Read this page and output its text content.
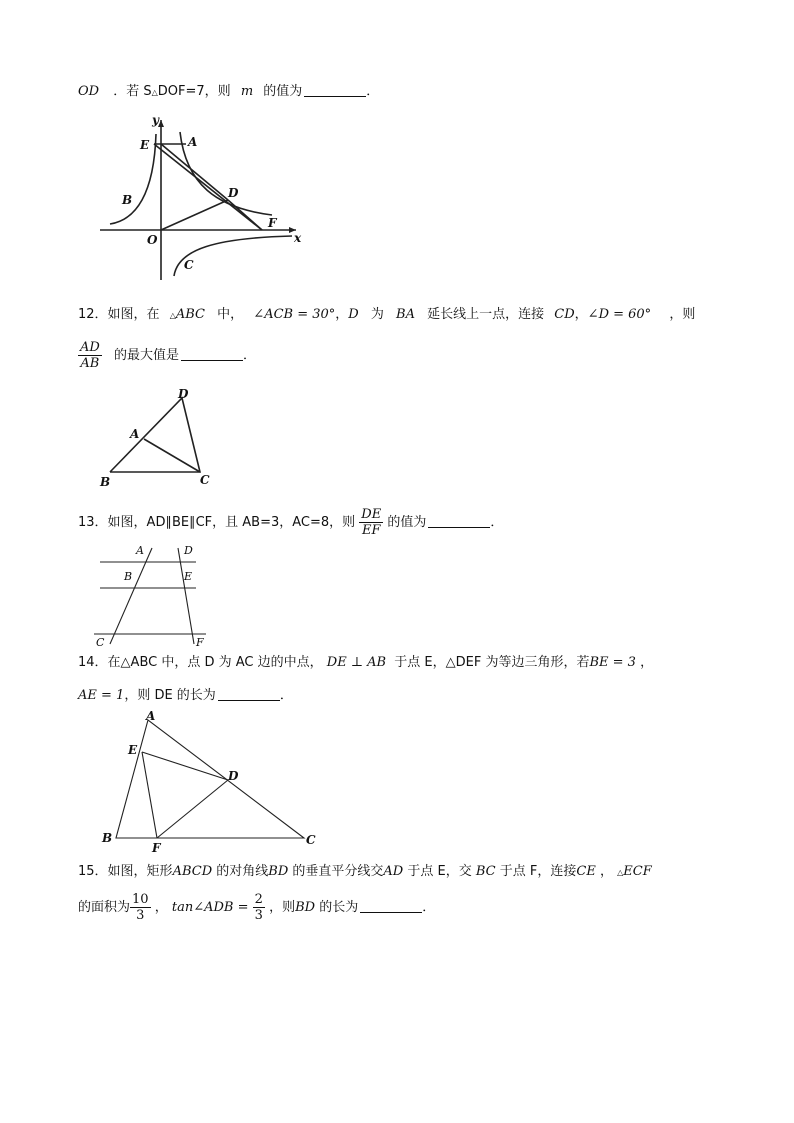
OD ．若 S△DOF=7，则 m 的值为	．
y
x
E	A
B	D
O
F
C
12．如图，在 △ABC 中， ∠ACB = 30°，D 为 BA 延长线上一点，连接 CD，∠D = 60° ，则
$\frac{AD}{AB}$ 的最大值是	．
D
A
B	C
13．如图，AD∥BE∥CF，且 AB=3，AC=8，则 $\frac{DE}{EF}$ 的值为	．
A	D
B	E
C	F
14．在△ABC 中，点 D 为 AC 边的中点， DE ⊥ AB 于点 E，△DEF 为等边三角形，若BE = 3 ，
AE = 1，则 DE 的长为	．
A
E
D
B
F
C
15．如图，矩形ABCD 的对角线BD 的垂直平分线交AD 于点 E，交 BC 于点 F，连接CE ， △ECF
的面积为 $\frac{10}{3}$ ， tan∠ADB = $\frac{2}{3}$ ，则BD 的长为	．
